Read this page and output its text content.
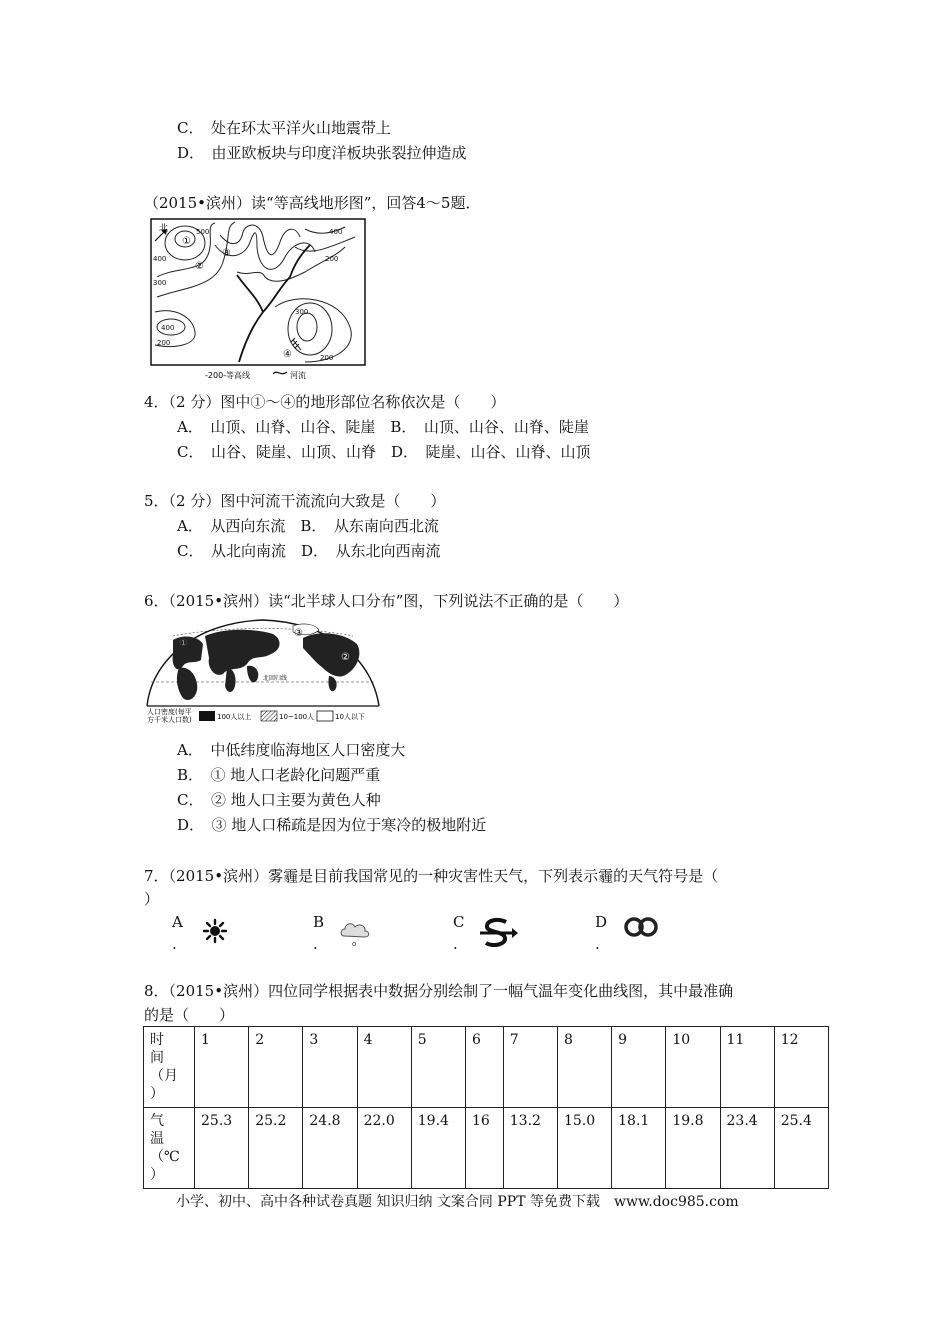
C．　处在环太平洋火山地震带上
D．　由亚欧板块与印度洋板块张裂拉伸造成
（2015•滨州）读“等高线地形图”，回答4～5题．
北
①
②
③
④
500
400
300
200
400
200
300
400
200
-200-等高线	河流
4．（2 分）图中①～④的地形部位名称依次是（　　）
A．　山顶、山脊、山谷、陡崖　B．　山顶、山谷、山脊、陡崖
C．　山谷、陡崖、山顶、山脊　D．　陡崖、山谷、山脊、山顶
5．（2 分）图中河流干流流向大致是（　　）
A．　从西向东流　B．　从东南向西北流
C．　从北向南流　D．　从东北向西南流
6．（2015•滨州）读“北半球人口分布”图，下列说法不正确的是（　　）
①
②
③
北回归线
人口密度(每平
方千米人口数)	100人以上	10~100人	10人以下
A．　中低纬度临海地区人口密度大
B．　① 地人口老龄化问题严重
C．　② 地人口主要为黄色人种
D．　③ 地人口稀疏是因为位于寒冷的极地附近
7．（2015•滨州）雾霾是目前我国常见的一种灾害性天气，下列表示霾的天气符号是（
）
A
.
B
.	o
C
.
D
.
8．（2015•滨州）四位同学根据表中数据分别绘制了一幅气温年变化曲线图，其中最准确
的是（　　）
时
间
（月
）	1	2	3	4	5	6	7	8	9	10	11	12

气
温
（℃
）	25.3	25.2	24.8	22.0	19.4	16	13.2	15.0	18.1	19.8	23.4	25.4
小学、初中、高中各种试卷真题 知识归纳 文案合同 PPT 等免费下载　www.doc985.com
